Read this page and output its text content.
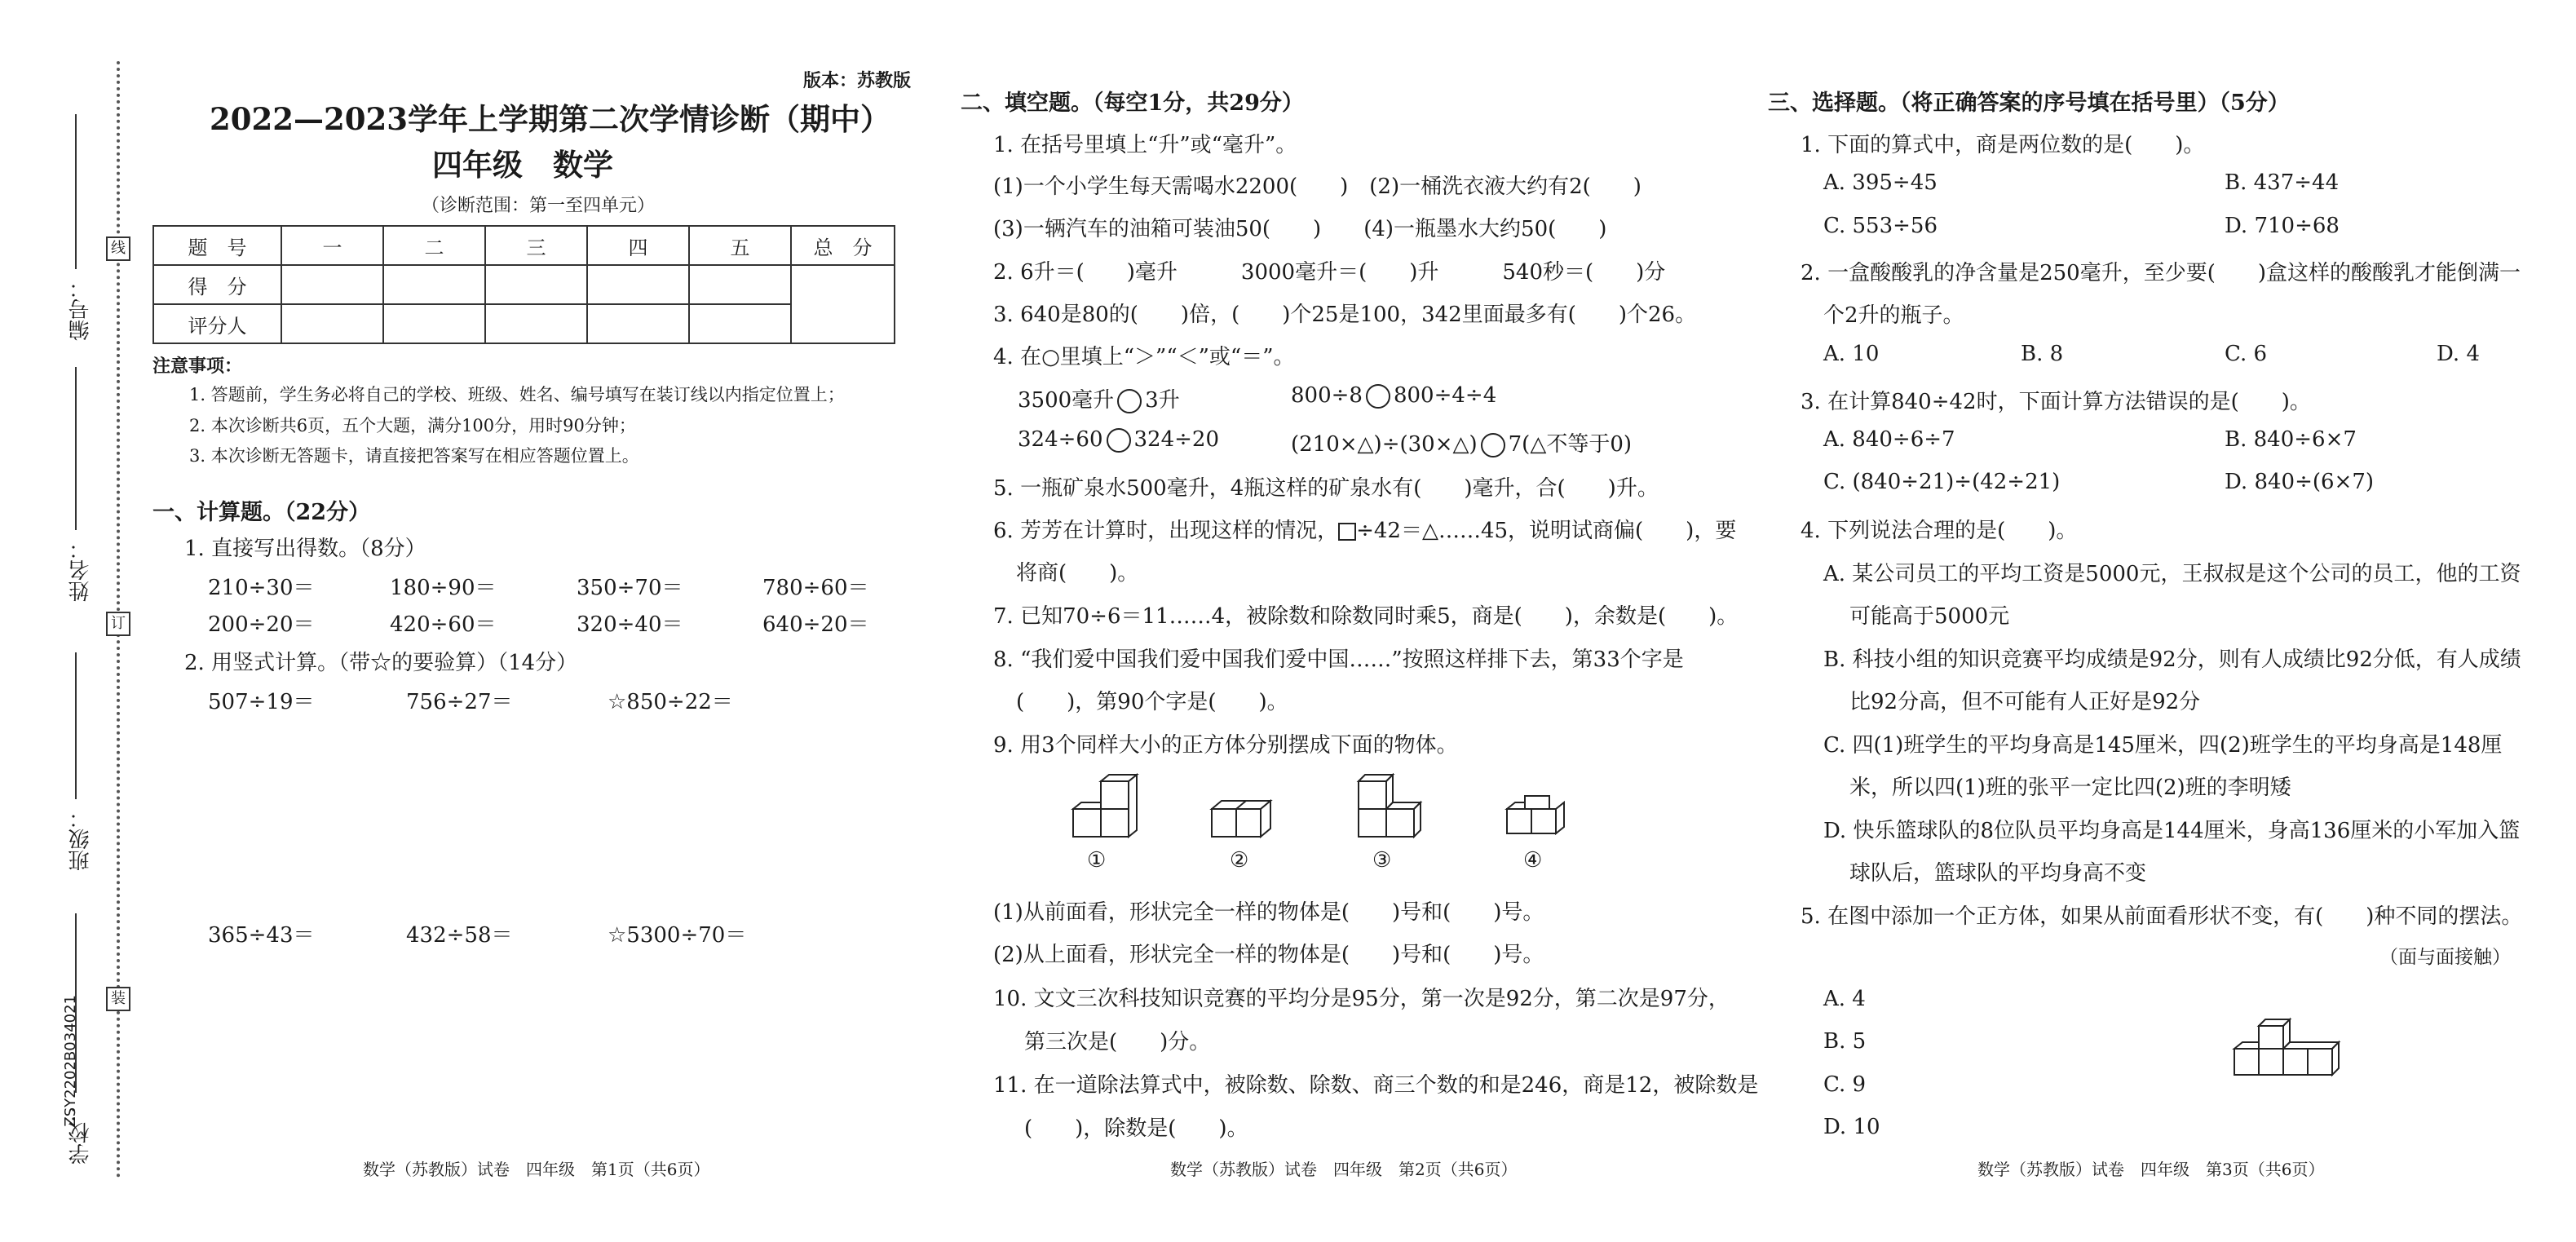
线
订
装
编号：
姓名：
班级：
学校：
ZSY2202B034021
版本：苏教版
2022—2023学年上学期第二次学情诊断（期中）
四年级　数学
（诊断范围：第一至四单元）
题　号	一	二	三	四	五	总　分
得　分						
评分人						
注意事项：
1. 答题前，学生务必将自己的学校、班级、姓名、编号填写在装订线以内指定位置上；
2. 本次诊断共6页，五个大题，满分100分，用时90分钟；
3. 本次诊断无答题卡，请直接把答案写在相应答题位置上。
一、计算题。（22分）
1. 直接写出得数。（8分）
210÷30＝	180÷90＝	350÷70＝	780÷60＝
200÷20＝	420÷60＝	320÷40＝	640÷20＝
2. 用竖式计算。（带☆的要验算）（14分）
507÷19＝	756÷27＝	☆850÷22＝
365÷43＝	432÷58＝	☆5300÷70＝
数学（苏教版）试卷　四年级　第1页（共6页）
二、填空题。（每空1分，共29分）
1. 在括号里填上“升”或“毫升”。
(1)一个小学生每天需喝水2200(　　)　(2)一桶洗衣液大约有2(　　)
(3)一辆汽车的油箱可装油50(　　)　　(4)一瓶墨水大约50(　　)
2. 6升＝(　　)毫升　　　3000毫升＝(　　)升　　　540秒＝(　　)分
3. 640是80的(　　)倍，(　　)个25是100，342里面最多有(　　)个26。
4. 在○里填上“＞”“＜”或“＝”。
3500毫升 3升	800÷8 800÷4÷4
324÷60 324÷20	(210×△)÷(30×△) 7(△不等于0)
5. 一瓶矿泉水500毫升，4瓶这样的矿泉水有(　　)毫升，合(　　)升。
6. 芳芳在计算时，出现这样的情况， ÷42＝△……45，说明试商偏(　　)，要
将商(　　)。
7. 已知70÷6＝11……4，被除数和除数同时乘5，商是(　　)，余数是(　　)。
8. “我们爱中国我们爱中国我们爱中国……”按照这样排下去，第33个字是
(　　)，第90个字是(　　)。
9. 用3个同样大小的正方体分别摆成下面的物体。
①	②	③	④
(1)从前面看，形状完全一样的物体是(　　)号和(　　)号。
(2)从上面看，形状完全一样的物体是(　　)号和(　　)号。
10. 文文三次科技知识竞赛的平均分是95分，第一次是92分，第二次是97分，
第三次是(　　)分。
11. 在一道除法算式中，被除数、除数、商三个数的和是246，商是12，被除数是
(　　)，除数是(　　)。
数学（苏教版）试卷　四年级　第2页（共6页）
三、选择题。（将正确答案的序号填在括号里）（5分）
1. 下面的算式中，商是两位数的是(　　)。
A. 395÷45	B. 437÷44
C. 553÷56	D. 710÷68
2. 一盒酸酸乳的净含量是250毫升，至少要(　　)盒这样的酸酸乳才能倒满一
个2升的瓶子。
A. 10	B. 8	C. 6	D. 4
3. 在计算840÷42时，下面计算方法错误的是(　　)。
A. 840÷6÷7	B. 840÷6×7
C. (840÷21)÷(42÷21)	D. 840÷(6×7)
4. 下列说法合理的是(　　)。
A. 某公司员工的平均工资是5000元，王叔叔是这个公司的员工，他的工资
可能高于5000元
B. 科技小组的知识竞赛平均成绩是92分，则有人成绩比92分低，有人成绩
比92分高，但不可能有人正好是92分
C. 四(1)班学生的平均身高是145厘米，四(2)班学生的平均身高是148厘
米，所以四(1)班的张平一定比四(2)班的李明矮
D. 快乐篮球队的8位队员平均身高是144厘米，身高136厘米的小军加入篮
球队后，篮球队的平均身高不变
5. 在图中添加一个正方体，如果从前面看形状不变，有(　　)种不同的摆法。
（面与面接触）
A. 4
B. 5
C. 9
D. 10
数学（苏教版）试卷　四年级　第3页（共6页）
